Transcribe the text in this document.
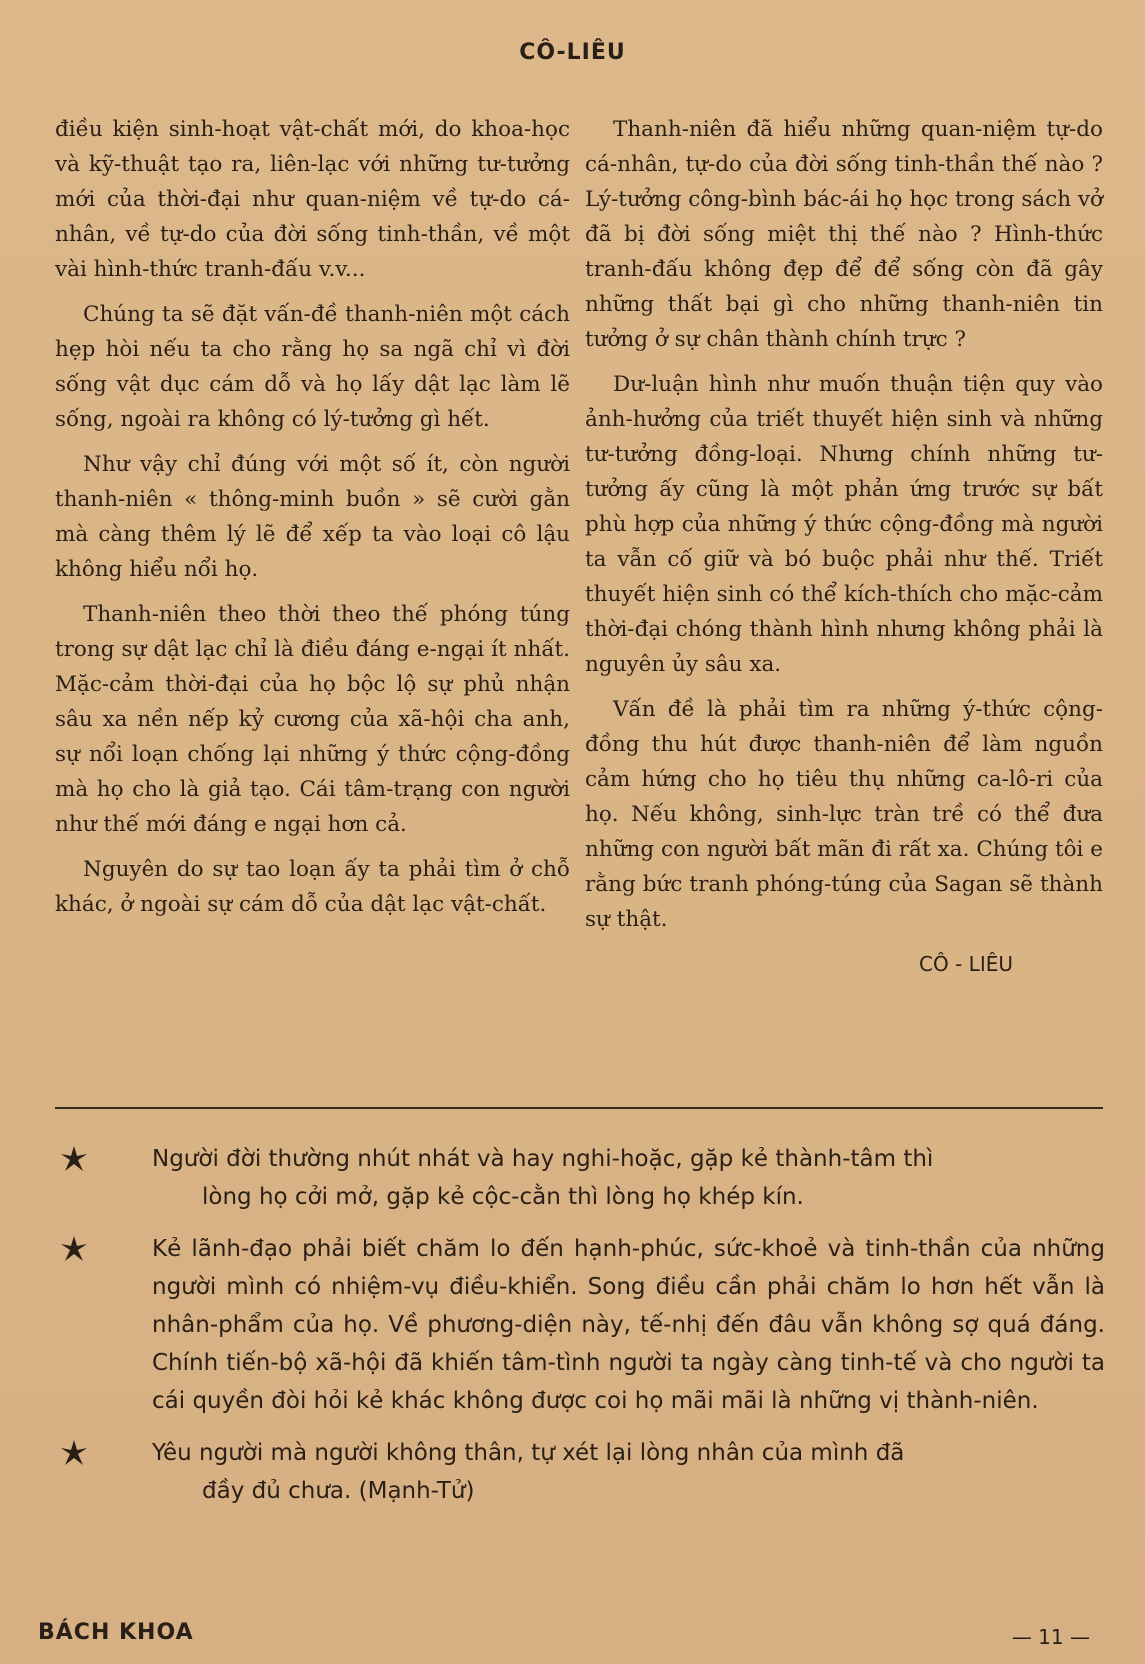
CÔ-LIÊU

điều kiện sinh-hoạt vật-chất mới, do khoa-học và kỹ-thuật tạo ra, liên-lạc với những tư-tưởng mới của thời-đại như quan-niệm về tự-do cá-nhân, về tự-do của đời sống tinh-thần, về một vài hình-thức tranh-đấu v.v...

Chúng ta sẽ đặt vấn-đề thanh-niên một cách hẹp hòi nếu ta cho rằng họ sa ngã chỉ vì đời sống vật dục cám dỗ và họ lấy dật lạc làm lẽ sống, ngoài ra không có lý-tưởng gì hết.

Như vậy chỉ đúng với một số ít, còn người thanh-niên « thông-minh buồn » sẽ cười gằn mà càng thêm lý lẽ để xếp ta vào loại cô lậu không hiểu nổi họ.

Thanh-niên theo thời theo thế phóng túng trong sự dật lạc chỉ là điều đáng e-ngại ít nhất. Mặc-cảm thời-đại của họ bộc lộ sự phủ nhận sâu xa nền nếp kỷ cương của xã-hội cha anh, sự nổi loạn chống lại những ý thức cộng-đồng mà họ cho là giả tạo. Cái tâm-trạng con người như thế mới đáng e ngại hơn cả.

Nguyên do sự tao loạn ấy ta phải tìm ở chỗ khác, ở ngoài sự cám dỗ của dật lạc vật-chất.

Thanh-niên đã hiểu những quan-niệm tự-do cá-nhân, tự-do của đời sống tinh-thần thế nào ? Lý-tưởng công-bình bác-ái họ học trong sách vở đã bị đời sống miệt thị thế nào ? Hình-thức tranh-đấu không đẹp để để sống còn đã gây những thất bại gì cho những thanh-niên tin tưởng ở sự chân thành chính trực ?

Dư-luận hình như muốn thuận tiện quy vào ảnh-hưởng của triết thuyết hiện sinh và những tư-tưởng đồng-loại. Nhưng chính những tư-tưởng ấy cũng là một phản ứng trước sự bất phù hợp của những ý thức cộng-đồng mà người ta vẫn cố giữ và bó buộc phải như thế. Triết thuyết hiện sinh có thể kích-thích cho mặc-cảm thời-đại chóng thành hình nhưng không phải là nguyên ủy sâu xa.

Vấn đề là phải tìm ra những ý-thức cộng-đồng thu hút được thanh-niên để làm nguồn cảm hứng cho họ tiêu thụ những ca-lô-ri của họ. Nếu không, sinh-lực tràn trề có thể đưa những con người bất mãn đi rất xa. Chúng tôi e rằng bức tranh phóng-túng của Sagan sẽ thành sự thật.

CÔ - LIÊU
Người đời thường nhút nhát và hay nghi-hoặc, gặp kẻ thành-tâm thì
lòng họ cởi mở, gặp kẻ cộc-cằn thì lòng họ khép kín.
Kẻ lãnh-đạo phải biết chăm lo đến hạnh-phúc, sức-khoẻ và tinh-thần của những người mình có nhiệm-vụ điều-khiển. Song điều cần phải chăm lo hơn hết vẫn là nhân-phẩm của họ. Về phương-diện này, tế-nhị đến đâu vẫn không sợ quá đáng. Chính tiến-bộ xã-hội đã khiến tâm-tình người ta ngày càng tinh-tế và cho người ta cái quyền đòi hỏi kẻ khác không được coi họ mãi mãi là những vị thành-niên.
Yêu người mà người không thân, tự xét lại lòng nhân của mình đã
đầy đủ chưa. (Mạnh-Tử)
BÁCH KHOA	— 11 —
